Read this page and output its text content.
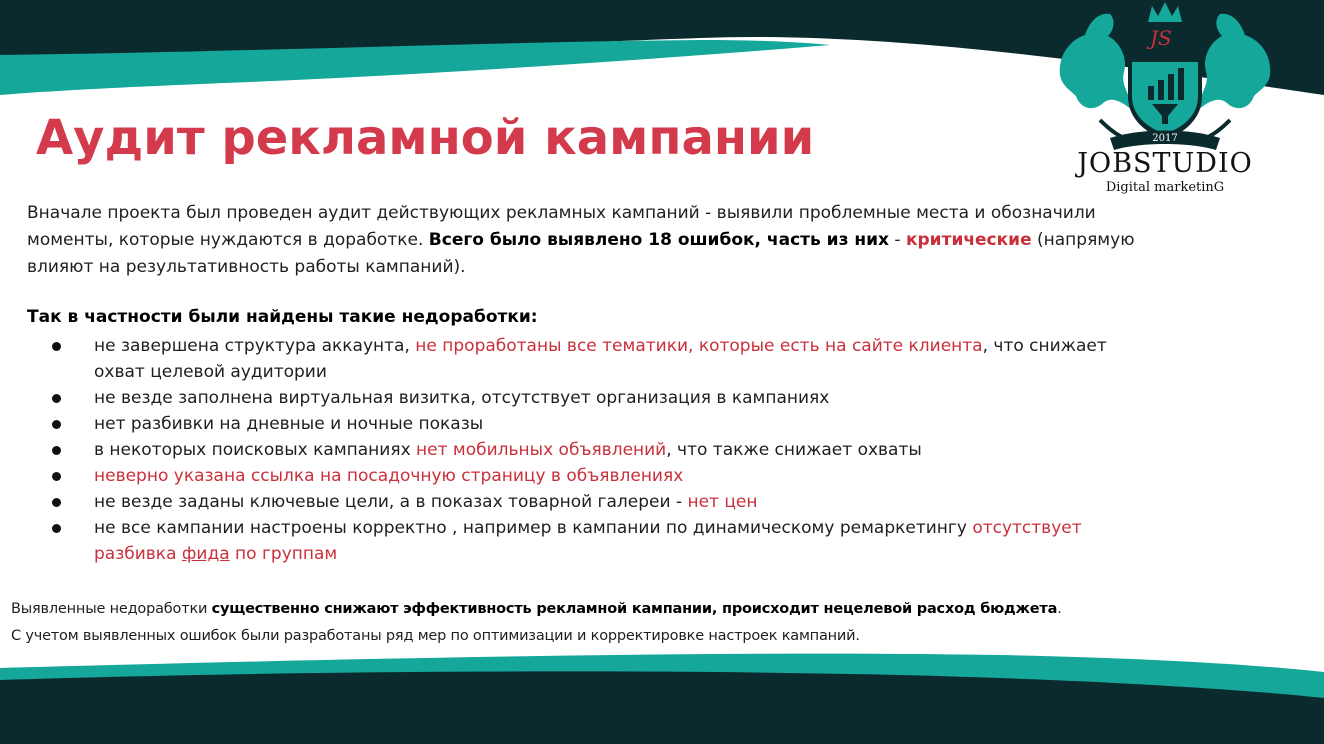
2017

JOBSTUDIO

Digital marketinG

JS
Аудит рекламной кампании

Вначале проекта был проведен аудит действующих рекламных кампаний - выявили проблемные места и обозначили моменты, которые нуждаются в доработке. Всего было выявлено 18 ошибок, часть из них - критические (напрямую влияют на результативность работы кампаний).

Так в частности были найдены такие недоработки:

не завершена структура аккаунта, не проработаны все тематики, которые есть на сайте клиента, что снижает охват целевой аудитории
не везде заполнена виртуальная визитка, отсутствует организация в кампаниях
нет разбивки на дневные и ночные показы
в некоторых поисковых кампаниях нет мобильных объявлений, что также снижает охваты
неверно указана ссылка на посадочную страницу в объявлениях
не везде заданы ключевые цели, а в показах товарной галереи - нет цен
не все кампании настроены корректно , например в кампании по динамическому ремаркетингу отсутствует разбивка фида по группам

Выявленные недоработки существенно снижают эффективность рекламной кампании, происходит нецелевой расход бюджета.

С учетом выявленных ошибок были разработаны ряд мер по оптимизации и корректировке настроек кампаний.
